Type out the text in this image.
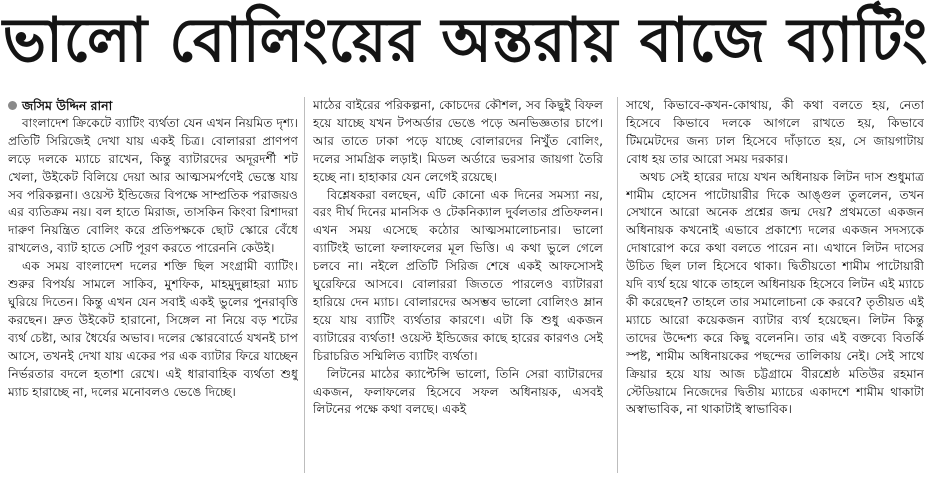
ভালো বোলিংয়ের অন্তরায় বাজে ব্যাটিং
জসিম উদ্দিন রানা

বাংলাদেশ ক্রিকেটে ব্যাটিং ব্যর্থতা যেন এখন নিয়মিত দৃশ্য। প্রতিটি সিরিজেই দেখা যায় একই চিত্র। বোলাররা প্রাণপণ লড়ে দলকে ম্যাচে রাখেন, কিন্তু ব্যাটারদের অদূরদর্শী শট খেলা, উইকেট বিলিয়ে দেয়া আর আত্মসমর্পণেই ভেস্তে যায় সব পরিকল্পনা। ওয়েস্ট ইন্ডিজের বিপক্ষে সাম্প্রতিক পরাজয়ও এর ব্যতিক্রম নয়। বল হাতে মিরাজ, তাসকিন কিংবা রিশাদরা দারুণ নিয়ন্ত্রিত বোলিং করে প্রতিপক্ষকে ছোট স্কোরে বেঁধে রাখলেও, ব্যাট হাতে সেটি পূরণ করতে পারেননি কেউই।

এক সময় বাংলাদেশ দলের শক্তি ছিল সংগ্রামী ব্যাটিং। শুরুর বিপর্যয় সামলে সাকিব, মুশফিক, মাহমুদুল্লাহরা ম্যাচ ঘুরিয়ে দিতেন। কিন্তু এখন যেন সবাই একই ভুলের পুনরাবৃত্তি করছেন। দ্রুত উইকেট হারানো, সিঙ্গেল না নিয়ে বড় শটের ব্যর্থ চেষ্টা, আর ধৈর্যের অভাব। দলের স্কোরবোর্ডে যখনই চাপ আসে, তখনই দেখা যায় একের পর এক ব্যাটার ফিরে যাচ্ছেন নির্ভরতার বদলে হতাশা রেখে। এই ধারাবাহিক ব্যর্থতা শুধু ম্যাচ হারাচ্ছে না, দলের মনোবলও ভেঙে দিচ্ছে।

মাঠের বাইরের পরিকল্পনা, কোচদের কৌশল, সব কিছুই বিফল হয়ে যাচ্ছে যখন টপঅর্ডার ভেঙে পড়ে অনভিজ্ঞতার চাপে। আর তাতে ঢাকা পড়ে যাচ্ছে বোলারদের নিখুঁত বোলিং, দলের সামগ্রিক লড়াই। মিডল অর্ডারে ভরসার জায়গা তৈরি হচ্ছে না। হাহাকার যেন লেগেই রয়েছে।

বিশ্লেষকরা বলছেন, এটি কোনো এক দিনের সমস্যা নয়, বরং দীর্ঘ দিনের মানসিক ও টেকনিক্যাল দুর্বলতার প্রতিফলন। এখন সময় এসেছে কঠোর আত্মসমালোচনার। ভালো ব্যাটিংই ভালো ফলাফলের মূল ভিত্তি। এ কথা ভুলে গেলে চলবে না। নইলে প্রতিটি সিরিজ শেষে একই আফসোসই ঘুরেফিরে আসবে। বোলাররা জিততে পারলেও ব্যাটাররা হারিয়ে দেন ম্যাচ। বোলারদের অসম্ভব ভালো বোলিংও ম্লান হয়ে যায় ব্যাটিং ব্যর্থতার কারণে। এটা কি শুধু একজন ব্যাটারের ব্যর্থতা! ওয়েস্ট ইন্ডিজের কাছে হারের কারণও সেই চিরাচরিত সম্মিলিত ব্যাটিং ব্যর্থতা।

লিটনের মাঠের ক্যাপ্টেন্সি ভালো, তিনি সেরা ব্যাটারদের একজন, ফলাফলের হিসেবে সফল অধিনায়ক, এসবই লিটনের পক্ষে কথা বলছে। একই

সাথে, কিভাবে-কখন-কোথায়, কী কথা বলতে হয়, নেতা হিসেবে কিভাবে দলকে আগলে রাখতে হয়, কিভাবে টিমমেটদের জন্য ঢাল হিসেবে দাঁড়াতে হয়, সে জায়গাটায় বোধ হয় তার আরো সময় দরকার।

অথচ সেই হারের দায়ে যখন অধিনায়ক লিটন দাস শুধুমাত্র শামীম হোসেন পাটোয়ারীর দিকে আঙ্গুল তুললেন, তখন সেখানে আরো অনেক প্রশ্নের জন্ম দেয়? প্রথমতো একজন অধিনায়ক কখনোই এভাবে প্রকাশ্যে দলের একজন সদস্যকে দোষারোপ করে কথা বলতে পারেন না। এখানে লিটন দাসের উচিত ছিল ঢাল হিসেবে থাকা। দ্বিতীয়তো শামীম পাটোয়ারী যদি ব্যর্থ হয়ে থাকে তাহলে অধিনায়ক হিসেবে লিটন এই ম্যাচে কী করেছেন? তাহলে তার সমালোচনা কে করবে? তৃতীয়ত এই ম্যাচে আরো কয়েকজন ব্যাটার ব্যর্থ হয়েছেন। লিটন কিন্তু তাদের উদ্দেশ্য করে কিছু বলেননি। তার এই বক্তব্যে বিতর্কি স্পষ্ট, শামীম অধিনায়কের পছন্দের তালিকায় নেই। সেই সাথে ক্রিয়ার হয়ে যায় আজ চট্টগ্রামে বীরশ্রেষ্ঠ মতিউর রহমান স্টেডিয়ামে নিজেদের দ্বিতীয় ম্যাচের একাদশে শামীম থাকাটা অস্বাভাবিক, না থাকাটাই স্বাভাবিক।
